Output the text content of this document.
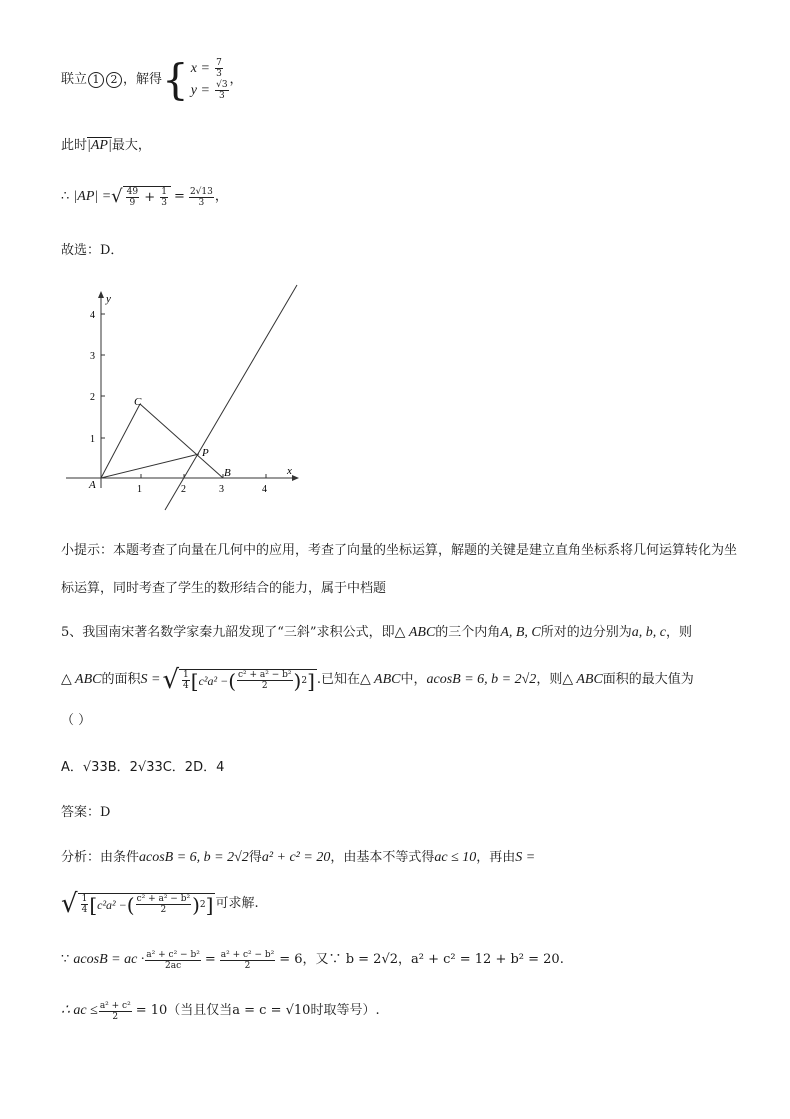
联立 1	2 ，解得 { $x = \frac{7}{3}$
$y = \frac{√3}{3}$
，
此时|AP|最大，
∴
|AP| = √ $\frac{49}{9} + \frac{1}{3} = \frac{2√13}{3}$ ，
故选：D．
x
y
1	2	3	4
1
2
3
4
A
B
C
P
小提示：本题考查了向量在几何中的应用，考查了向量的坐标运算，解题的关键是建立直角坐标系将几何运算转化为坐标运算，同时考查了学生的数形结合的能力，属于中档题
5、我国南宋著名数学家秦九韶发现了“三斜”求积公式，即△ ABC的三个内角A, B, C所对的边分别为a, b, c，则
△ ABC 的面积 S = √ $\frac{1}{4}$ [ c²a² − ( $\frac{\text{c² + a² − b²}}{2}$ ) 2 ] .已知在 △ ABC 中， acosB = 6, b = 2√2 ，则 △ ABC 面积的最大值为
（ ）
A．√33B．2√33C．2D．4
答案：D
分析：由条件acosB = 6, b = 2√2得a² + c² = 20，由基本不等式得ac ≤ 10，再由S =
√ $\frac{1}{4}$ [ c²a² − ( $\frac{\text{c² + a² − b²}}{2}$ ) 2 ] 可求解.
∵
acosB = ac · $\frac{\text{a² + c² − b²}}{2ac} = \frac{\text{a² + c² − b²}}{2} = 6$，又∵ b = 2√2，a² + c² = 12 + b² = 20.
∴ ac ≤ $\frac{\text{a² + c²}}{2} = 10$（当且仅当a = c = √10时取等号）.
